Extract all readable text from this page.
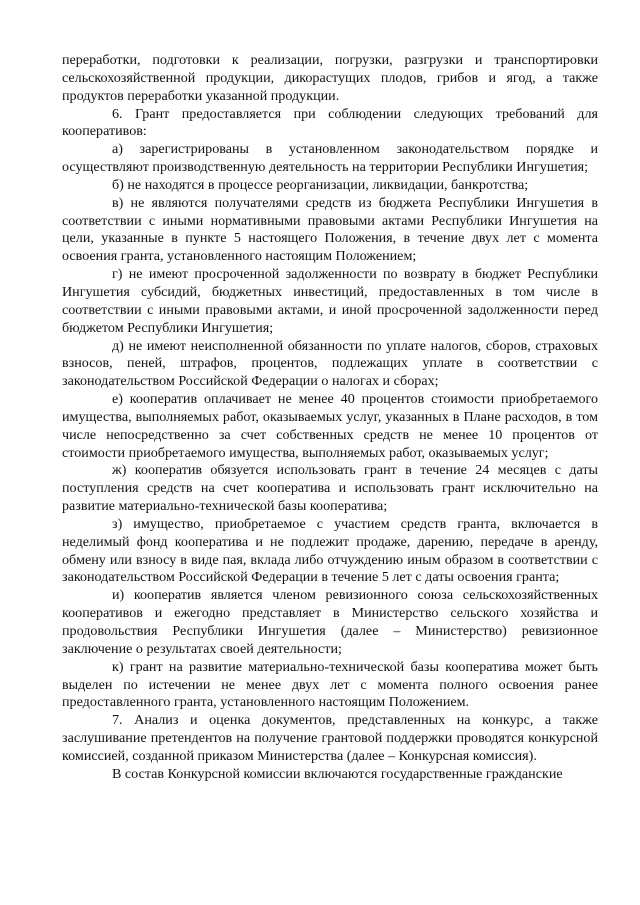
переработки, подготовки к реализации, погрузки, разгрузки и транспортировки сельскохозяйственной продукции, дикорастущих плодов, грибов и ягод, а также продуктов переработки указанной продукции.

6. Грант предоставляется при соблюдении следующих требований для кооперативов:

а) зарегистрированы в установленном законодательством порядке и осуществляют производственную деятельность на территории Республики Ингушетия;

б) не находятся в процессе реорганизации, ликвидации, банкротства;

в) не являются получателями средств из бюджета Республики Ингушетия в соответствии с иными нормативными правовыми актами Республики Ингушетия на цели, указанные в пункте 5 настоящего Положения, в течение двух лет с момента освоения гранта, установленного настоящим Положением;

г) не имеют просроченной задолженности по возврату в бюджет Республики Ингушетия субсидий, бюджетных инвестиций, предоставленных в том числе в соответствии с иными правовыми актами, и иной просроченной задолженности перед бюджетом Республики Ингушетия;

д) не имеют неисполненной обязанности по уплате налогов, сборов, страховых взносов, пеней, штрафов, процентов, подлежащих уплате в соответствии с законодательством Российской Федерации о налогах и сборах;

е) кооператив оплачивает не менее 40 процентов стоимости приобретаемого имущества, выполняемых работ, оказываемых услуг, указанных в Плане расходов, в том числе непосредственно за счет собственных средств не менее 10 процентов от стоимости приобретаемого имущества, выполняемых работ, оказываемых услуг;

ж) кооператив обязуется использовать грант в течение 24 месяцев с даты поступления средств на счет кооператива и использовать грант исключительно на развитие материально-технической базы кооператива;

з) имущество, приобретаемое с участием средств гранта, включается в неделимый фонд кооператива и не подлежит продаже, дарению, передаче в аренду, обмену или взносу в виде пая, вклада либо отчуждению иным образом в соответствии с законодательством Российской Федерации в течение 5 лет с даты освоения гранта;

и) кооператив является членом ревизионного союза сельскохозяйственных кооперативов и ежегодно представляет в Министерство сельского хозяйства и продовольствия Республики Ингушетия (далее – Министерство) ревизионное заключение о результатах своей деятельности;

к) грант на развитие материально-технической базы кооператива может быть выделен по истечении не менее двух лет с момента полного освоения ранее предоставленного гранта, установленного настоящим Положением.

7. Анализ и оценка документов, представленных на конкурс, а также заслушивание претендентов на получение грантовой поддержки проводятся конкурсной комиссией, созданной приказом Министерства (далее – Конкурсная комиссия).

В состав Конкурсной комиссии включаются государственные гражданские
